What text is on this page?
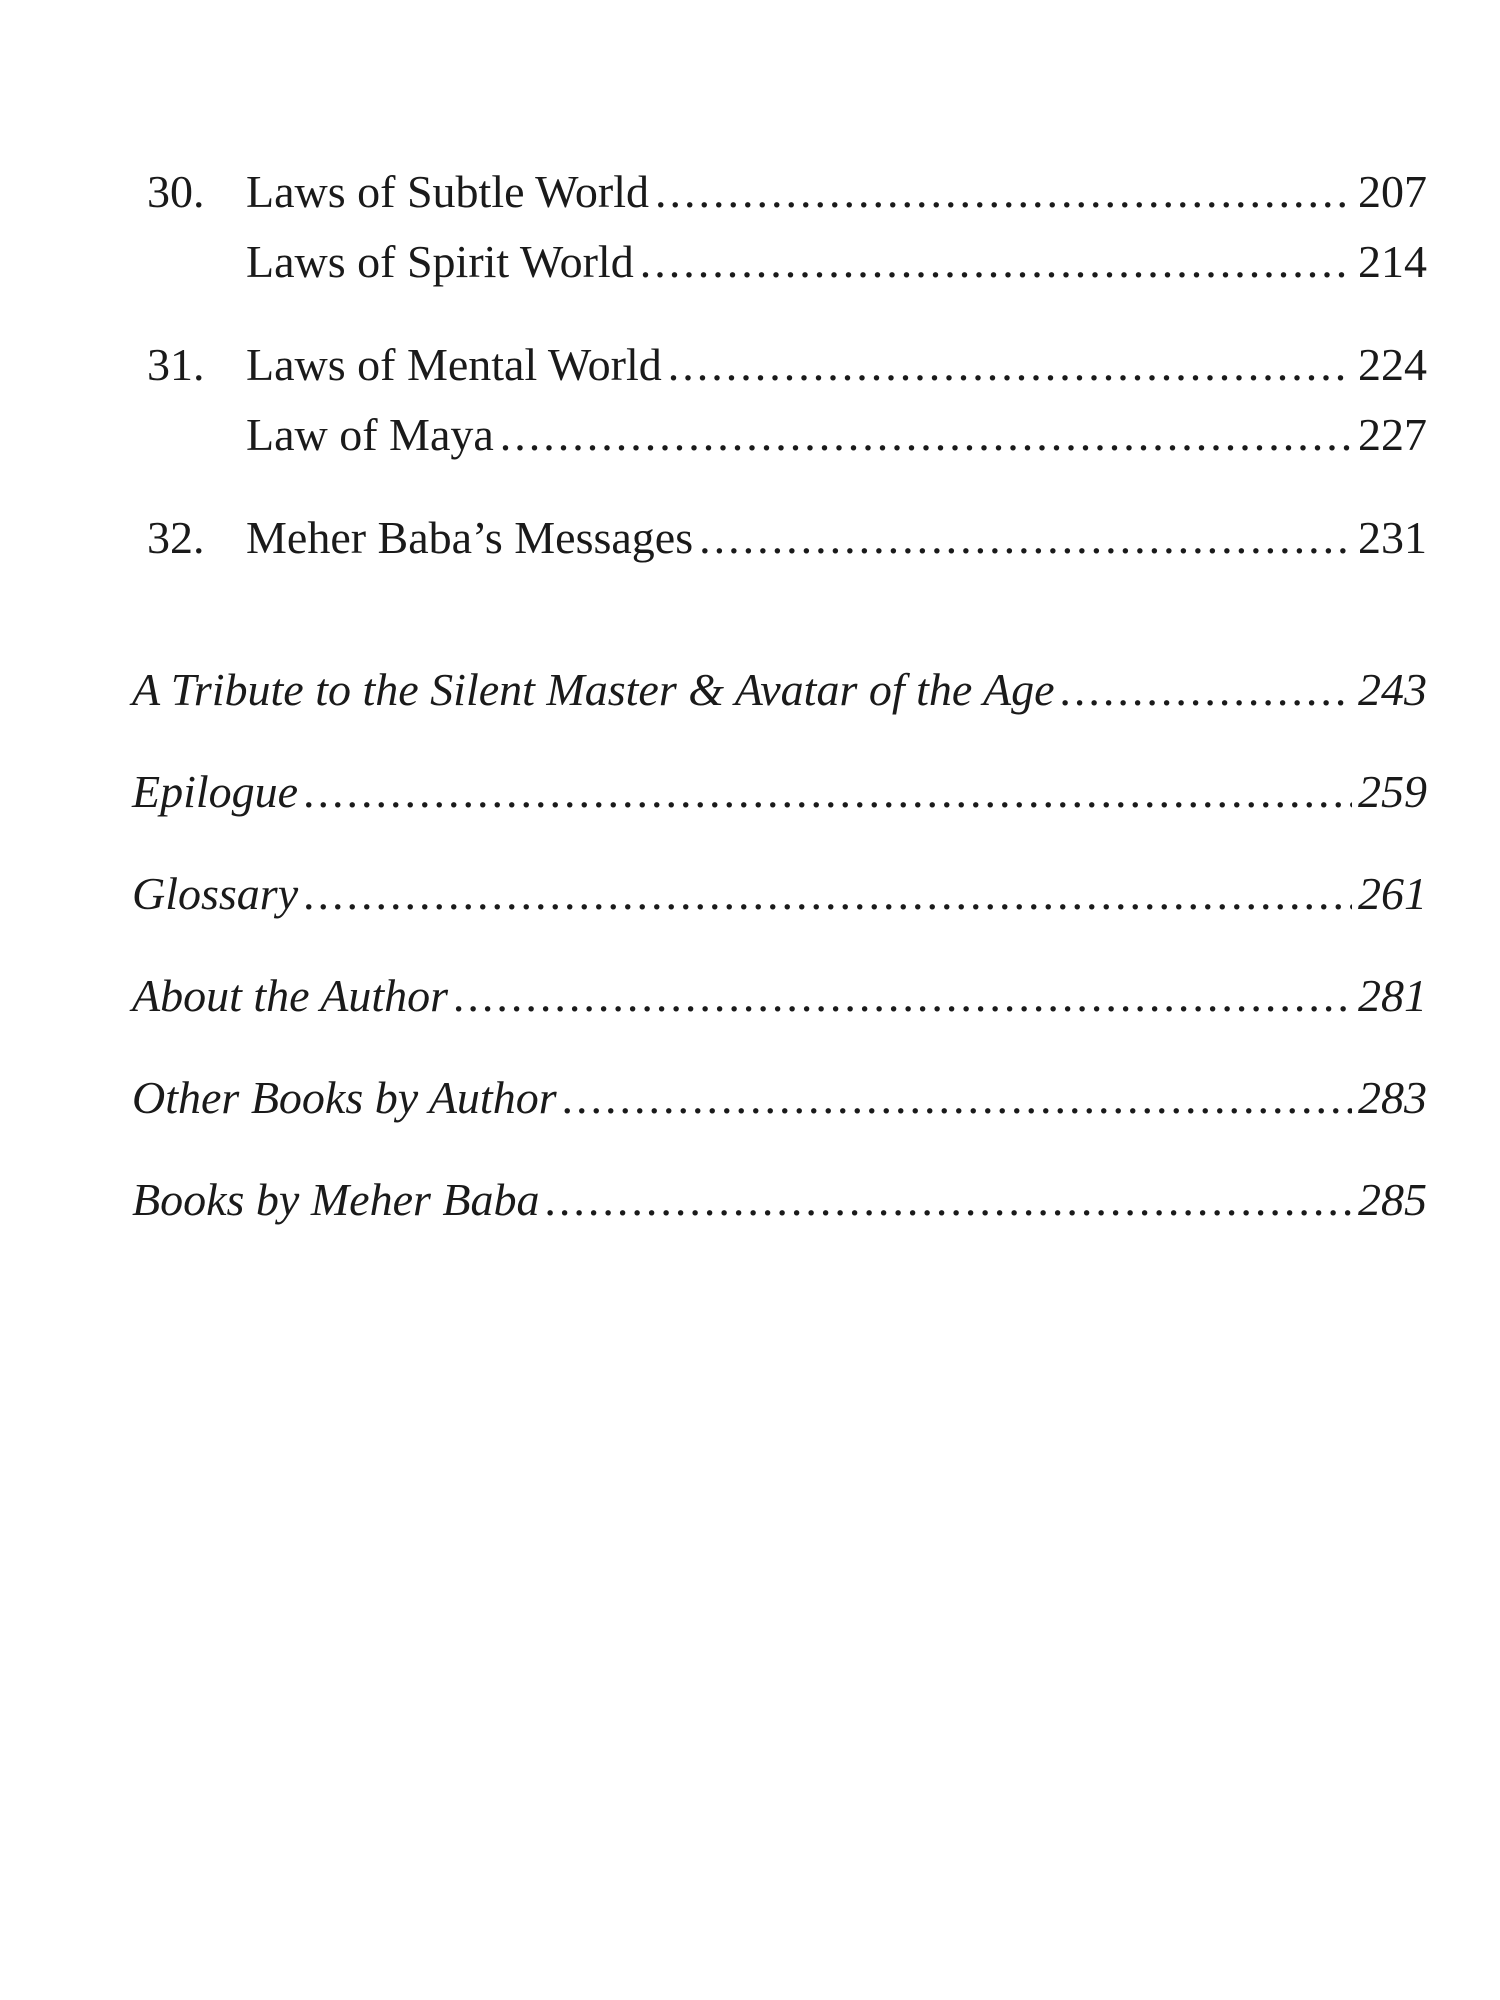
30. Laws of Subtle World .....	207
Laws of Spirit World .....	214
31. Laws of Mental World .....	224
Law of Maya .....	227
32. Meher Baba’s Messages .....	231
A Tribute to the Silent Master & Avatar of the Age .....	243
Epilogue .....	259
Glossary .....	261
About the Author .....	281
Other Books by Author .....	283
Books by Meher Baba .....	285
